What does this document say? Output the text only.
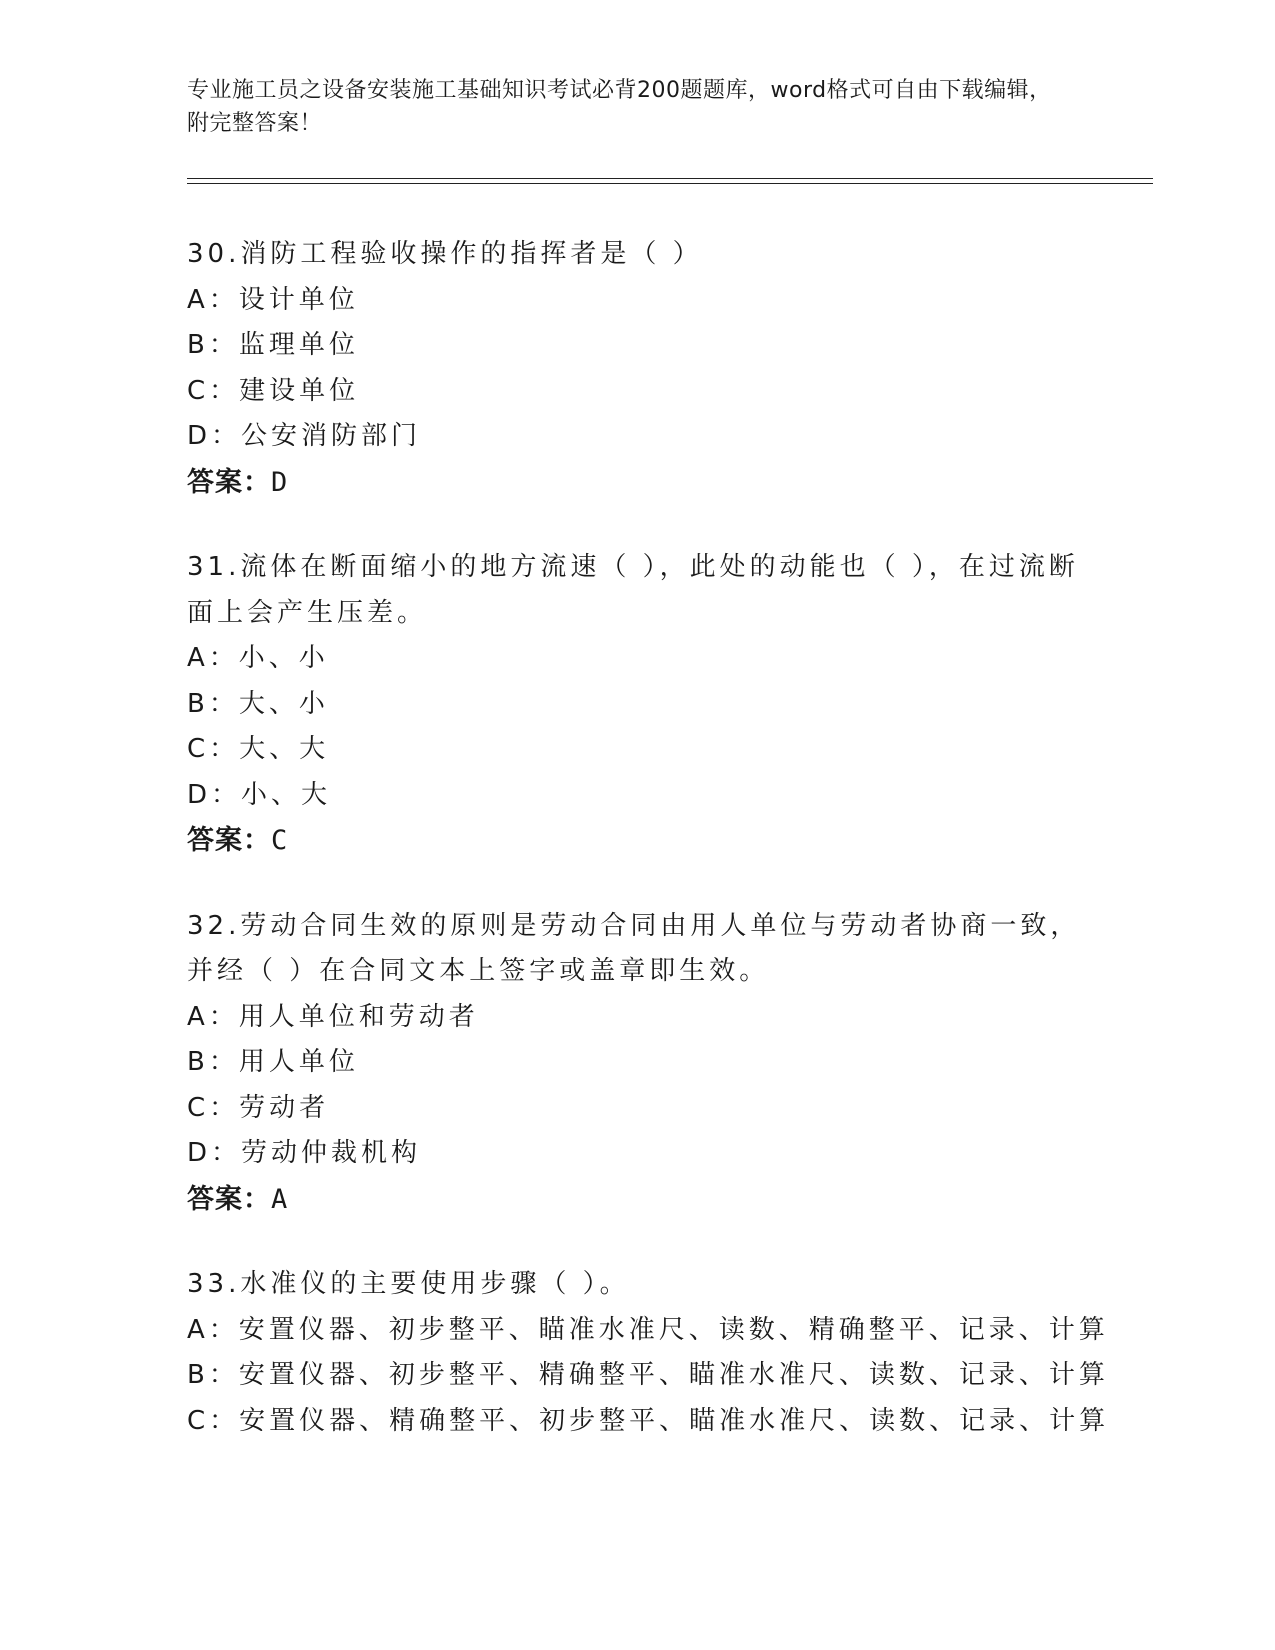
专业施工员之设备安装施工基础知识考试必背200题题库，word格式可自由下载编辑，附完整答案！

30.消防工程验收操作的指挥者是（ ）

A：设计单位

B：监理单位

C：建设单位

D：公安消防部门

答案：D

31.流体在断面缩小的地方流速（ ），此处的动能也（ ），在过流断面上会产生压差。

A：小、小

B：大、小

C：大、大

D：小、大

答案：C

32.劳动合同生效的原则是劳动合同由用人单位与劳动者协商一致，并经（ ）在合同文本上签字或盖章即生效。

A：用人单位和劳动者

B：用人单位

C：劳动者

D：劳动仲裁机构

答案：A

33.水准仪的主要使用步骤（ ）。

A：安置仪器、初步整平、瞄准水准尺、读数、精确整平、记录、计算

B：安置仪器、初步整平、精确整平、瞄准水准尺、读数、记录、计算

C：安置仪器、精确整平、初步整平、瞄准水准尺、读数、记录、计算
